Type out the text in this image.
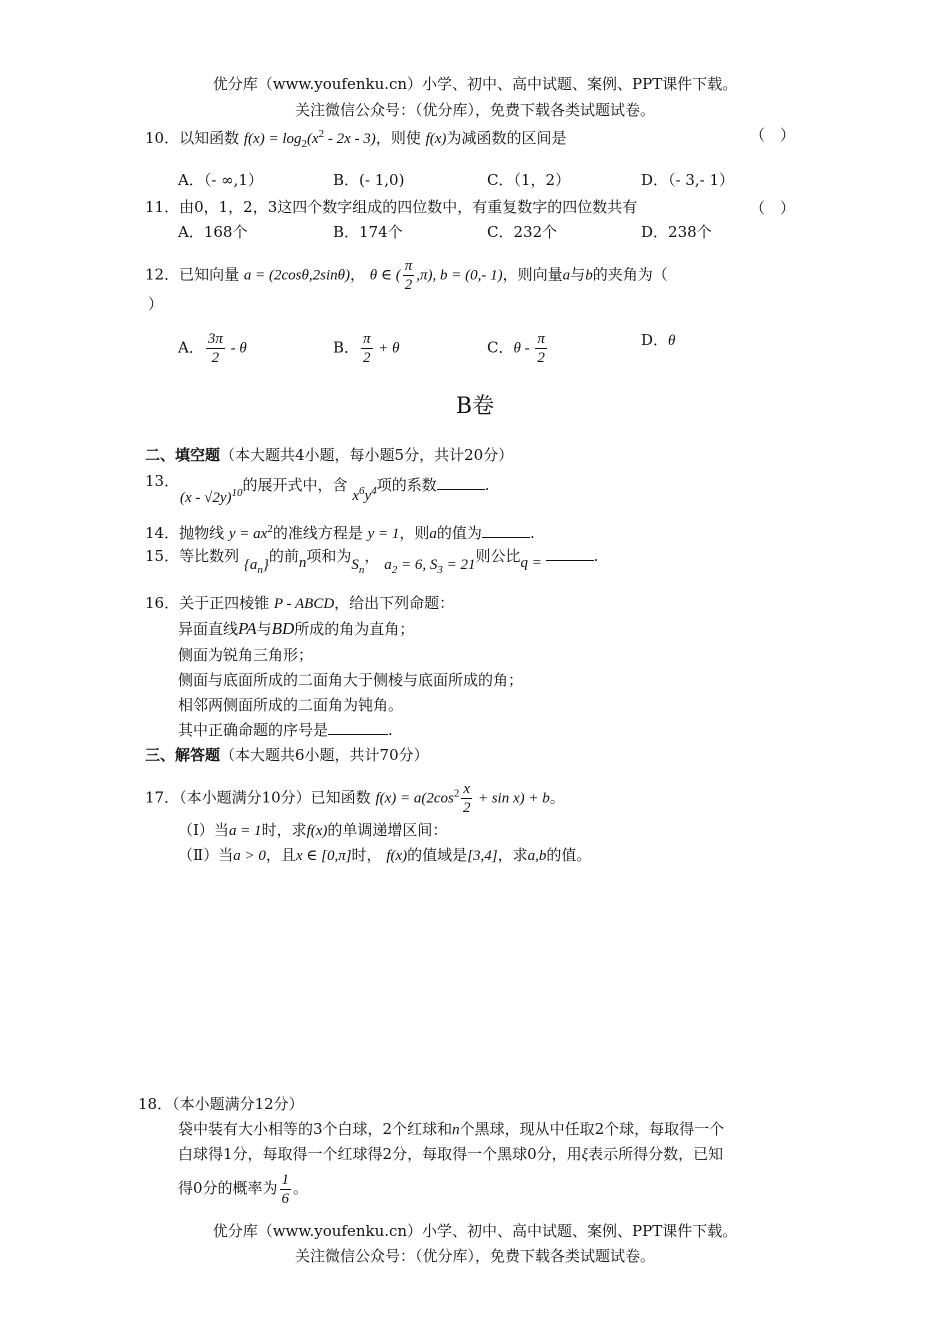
优分库（www.youfenku.cn）小学、初中、高中试题、案例、PPT课件下载。
关注微信公众号：（优分库），免费下载各类试题试卷。
10．以知函数 $f(x) = \log_2(x^2 - 2x - 3)$，则使 f(x)为减函数的区间是	（　）
A．（- ∞,1）	B．(- 1,0)	C．（1，2）	D．（- 3,- 1）
11．由0，1，2，3这四个数字组成的四位数中，有重复数字的四位数共有	（　）
A．168个	B．174个	C．232个	D．238个
12．已知向量 a = (2cosθ,2sinθ)， θ ∈ ( $\frac{\pi}{2} ,\pi$), b = (0,- 1)，则向量a与b的夹角为（
）
A． $\frac{3\pi}{2}$ - θ	B． $\frac{\pi}{2} + \theta$	C．θ - $\frac{\pi}{2}$	D．θ
B卷
二、填空题（本大题共4小题，每小题5分，共计20分）
13．
(x - √2y)$^{10}$的展开式中，含 $x^6y^4$项的系数	.
14．抛物线 $y = ax^2$的准线方程是 y = 1，则a的值为	.
15．等比数列 $\{a_n\}$的前n项和为$S_n$， $a_2 = 6$, $S_3 = 21$则公比q =	.
16．关于正四棱锥 P - ABCD，给出下列命题：
异面直线PA与BD所成的角为直角；
侧面为锐角三角形；
侧面与底面所成的二面角大于侧棱与底面所成的角；
相邻两侧面所成的二面角为钝角。
其中正确命题的序号是	.
三、解答题（本大题共6小题，共计70分）
17．（本小题满分10分）已知函数 $f(x) = a(2\cos^2 \frac{x}{2} + \sin x) + b$。
（Ⅰ）当a = 1时，求f(x)的单调递增区间：
（Ⅱ）当a > 0，且x ∈ [0,π]时， f(x)的值域是[3,4]，求a,b的值。
18．（本小题满分12分）
袋中装有大小相等的3个白球，2个红球和n个黑球，现从中任取2个球，每取得一个
白球得1分，每取得一个红球得2分，每取得一个黑球0分，用ξ表示所得分数，已知
得0分的概率为 $\frac{1}{6}$ 。
优分库（www.youfenku.cn）小学、初中、高中试题、案例、PPT课件下载。
关注微信公众号：（优分库），免费下载各类试题试卷。
